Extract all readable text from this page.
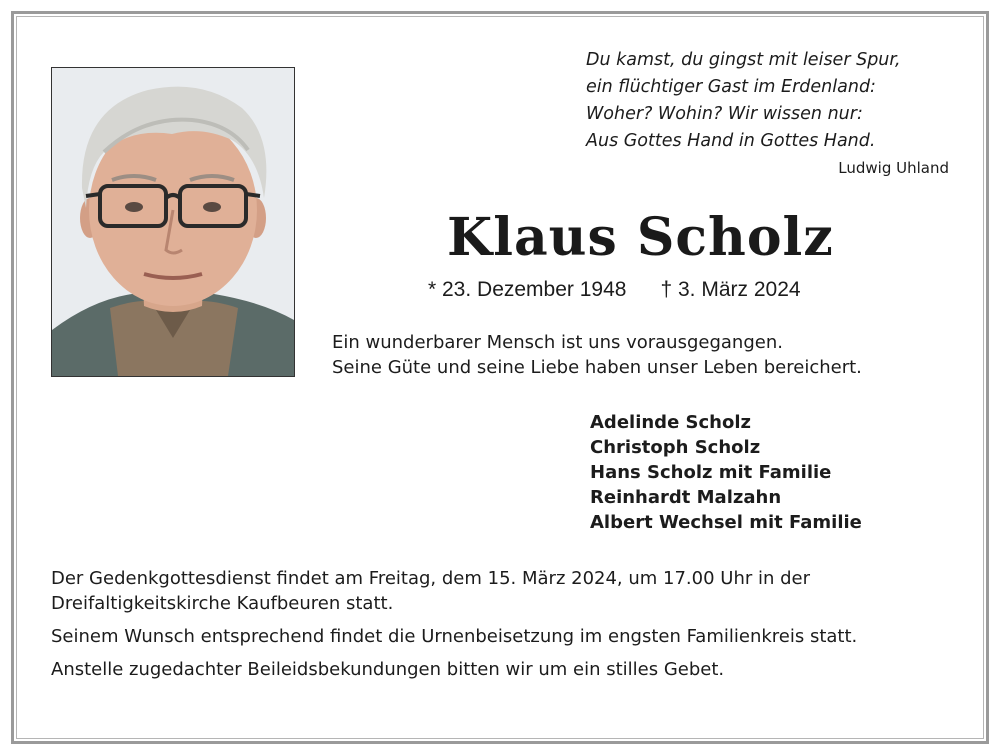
Du kamst, du gingst mit leiser Spur,
ein flüchtiger Gast im Erdenland:
Woher? Wohin? Wir wissen nur:
Aus Gottes Hand in Gottes Hand.
Ludwig Uhland
Klaus Scholz
* 23. Dezember 1948 † 3. März 2024
Ein wunderbarer Mensch ist uns vorausgegangen.
Seine Güte und seine Liebe haben unser Leben bereichert.
Adelinde Scholz
Christoph Scholz
Hans Scholz mit Familie
Reinhardt Malzahn
Albert Wechsel mit Familie

Der Gedenkgottesdienst findet am Freitag, dem 15. März 2024, um 17.00 Uhr in der Dreifaltigkeitskirche Kaufbeuren statt.

Seinem Wunsch entsprechend findet die Urnenbeisetzung im engsten Familienkreis statt.

Anstelle zugedachter Beileidsbekundungen bitten wir um ein stilles Gebet.
